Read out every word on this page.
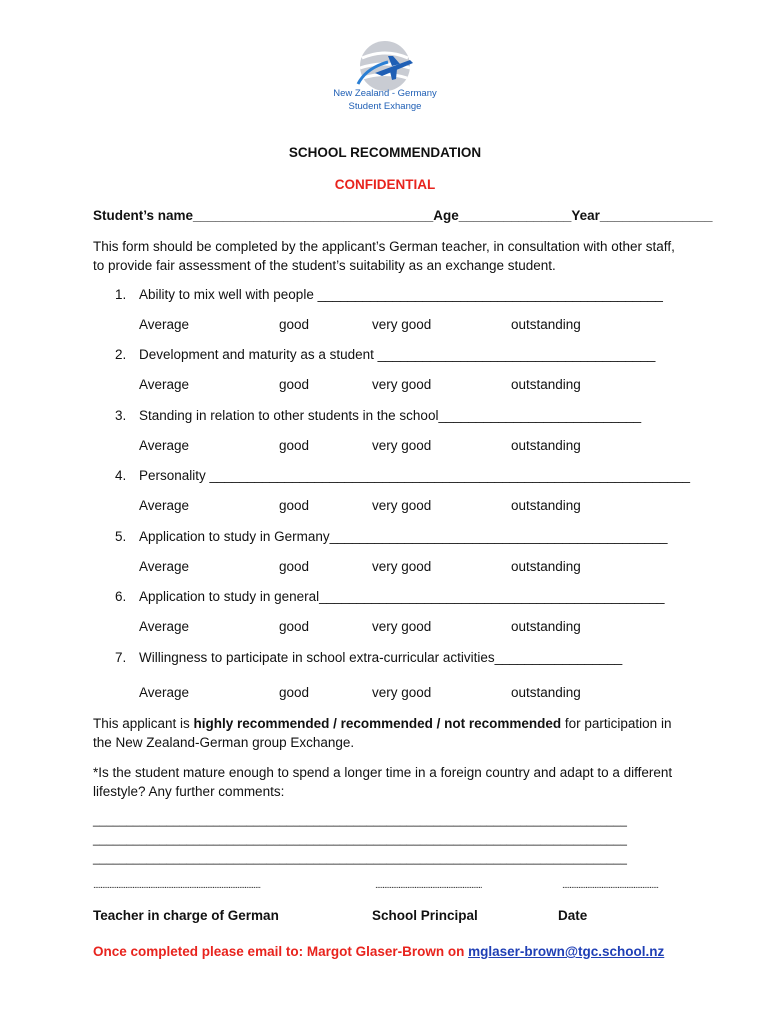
New Zealand - Germany
Student Exhange
SCHOOL RECOMMENDATION
CONFIDENTIAL
Student’s name________________________________Age_______________Year_______________
This form should be completed by the applicant’s German teacher, in consultation with other staff, to provide fair assessment of the student’s suitability as an exchange student.
1. Ability to mix well with people ______________________________________________
Average	good	very good	outstanding
2. Development and maturity as a student _____________________________________
Average	good	very good	outstanding
3. Standing in relation to other students in the school___________________________
Average	good	very good	outstanding
4. Personality ________________________________________________________________
Average	good	very good	outstanding
5. Application to study in Germany_____________________________________________
Average	good	very good	outstanding
6. Application to study in general______________________________________________
Average	good	very good	outstanding
7. Willingness to participate in school extra-curricular activities_________________
Average	good	very good	outstanding
This applicant is highly recommended / recommended / not recommended for participation in the New Zealand-German group Exchange.
*Is the student mature enough to spend a longer time in a foreign country and adapt to a different lifestyle? Any further comments:
________________________________________________________________________________
________________________________________________________________________________
________________________________________________________________________________
..............................................................................................	............................................................	......................................................
Teacher in charge of German	School Principal	Date
Once completed please email to: Margot Glaser-Brown on mglaser-brown@tgc.school.nz
